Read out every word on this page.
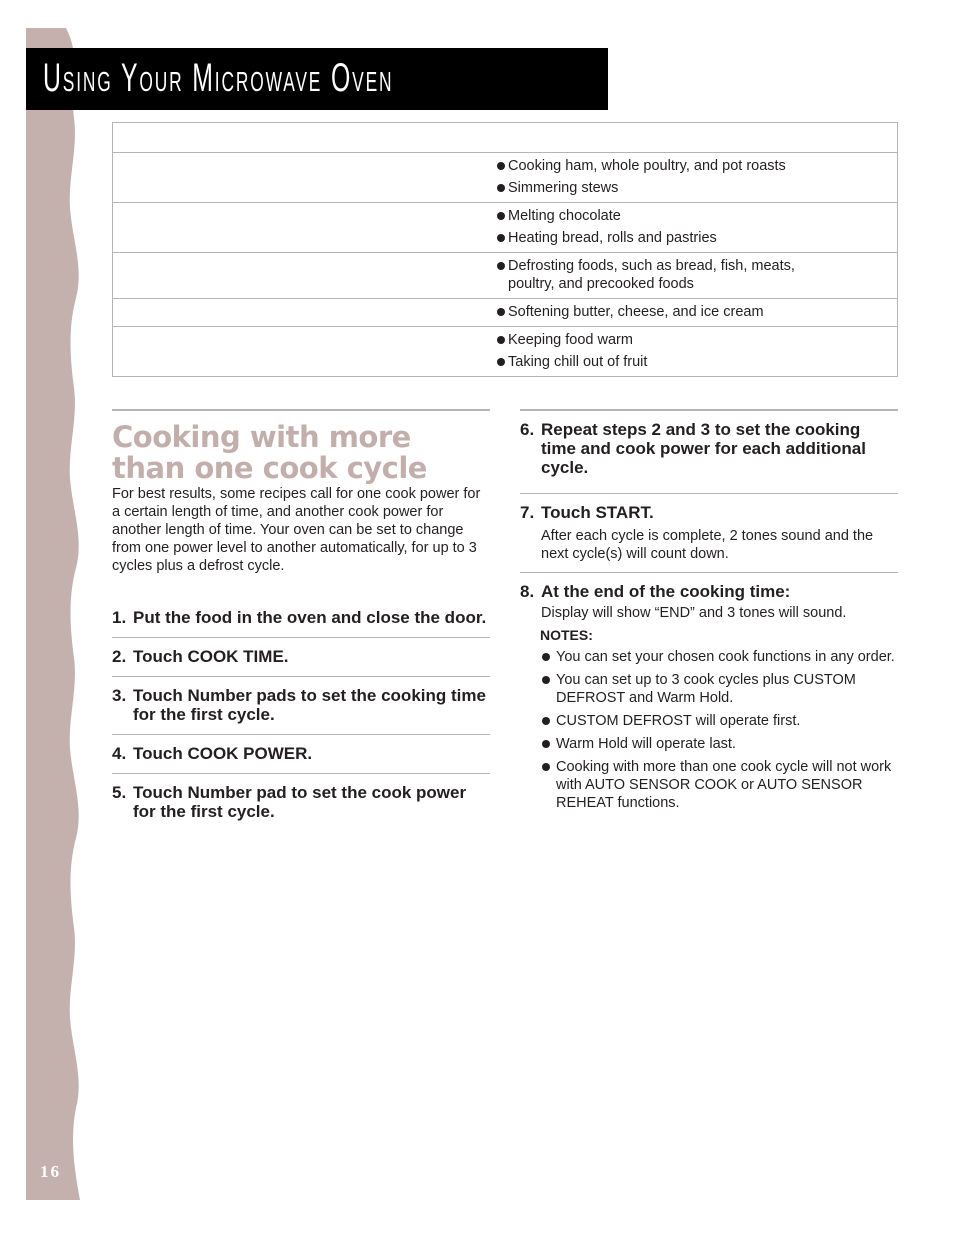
Using Your Microwave Oven
16
Cooking ham, whole poultry, and pot roasts
Simmering stews
Melting chocolate
Heating bread, rolls and pastries
Defrosting foods, such as bread, fish, meats, poultry, and precooked foods
Softening butter, cheese, and ice cream
Keeping food warm
Taking chill out of fruit
Cooking with more than one cook cycle

For best results, some recipes call for one cook power for a certain length of time, and another cook power for another length of time. Your oven can be set to change from one power level to another automatically, for up to 3 cycles plus a defrost cycle.

1. Put the food in the oven and close the door.
2. Touch COOK TIME.
3. Touch Number pads to set the cooking time for the first cycle.
4. Touch COOK POWER.
5. Touch Number pad to set the cook power for the first cycle.
6. Repeat steps 2 and 3 to set the cooking time and cook power for each additional cycle.
7. Touch START.
After each cycle is complete, 2 tones sound and the next cycle(s) will count down.
8. At the end of the cooking time:
Display will show “END” and 3 tones will sound.
NOTES:
You can set your chosen cook functions in any order.
You can set up to 3 cook cycles plus CUSTOM DEFROST and Warm Hold.
CUSTOM DEFROST will operate first.
Warm Hold will operate last.
Cooking with more than one cook cycle will not work with AUTO SENSOR COOK or AUTO SENSOR REHEAT functions.
